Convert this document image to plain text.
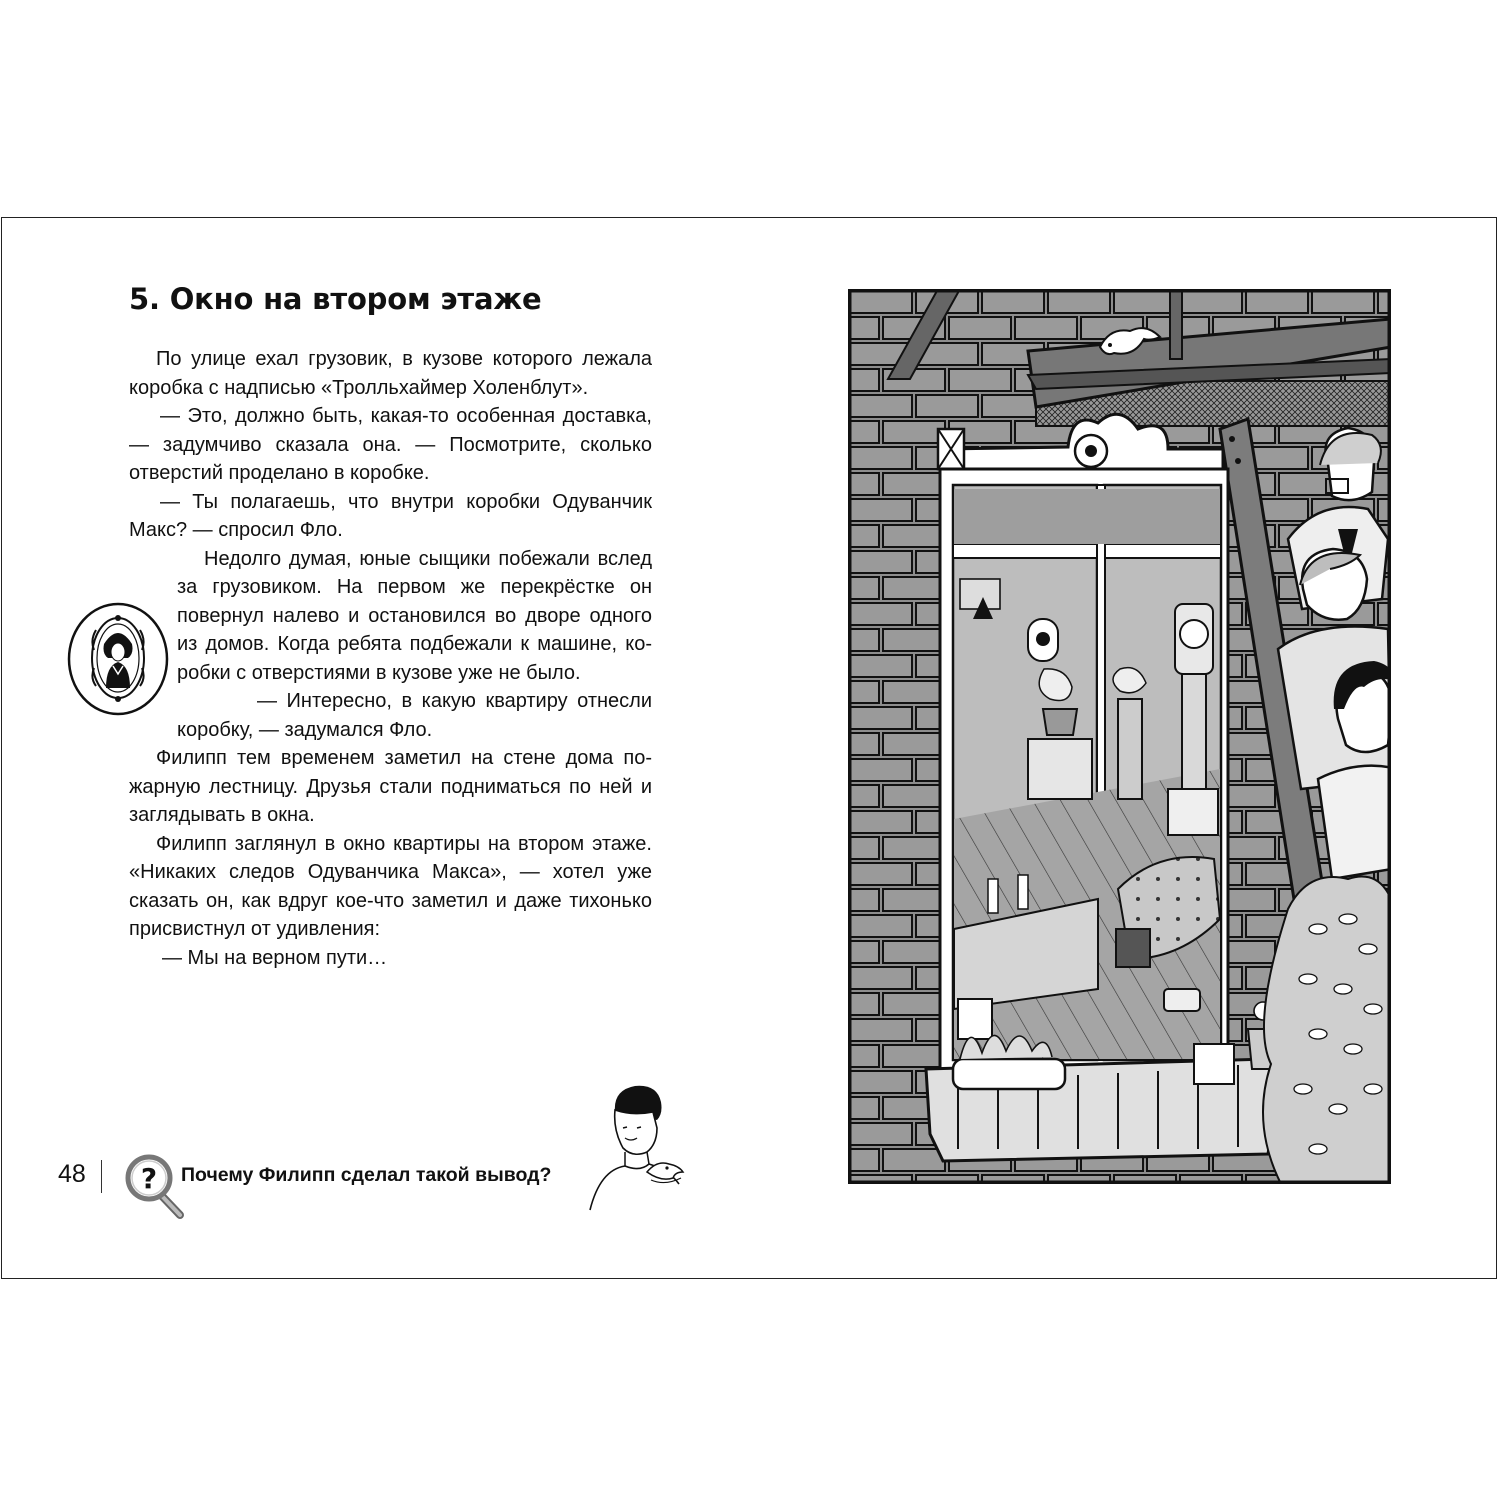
5. Окно на втором этаже

По улице ехал грузовик, в кузове которого лежала коробка с надписью «Тролльхаймер Холенблут».

— Это, должно быть, какая-то особенная доставка, — задумчиво сказала она. — Посмотрите, сколько отверстий проделано в коробке.

— Ты полагаешь, что внутри коробки Одуванчик Макс? — спросил Фло.

Недолго думая, юные сыщики побежали вслед за грузовиком. На первом же перекрёстке он повернул налево и остановился во дворе одного из домов. Когда ребята подбежали к машине, коробки с отверстиями в кузове уже не было.

— Интересно, в какую квартиру отнесли коробку, — задумался Фло.

Филипп тем временем заметил на стене дома пожарную лестницу. Друзья стали подниматься по ней и заглядывать в окна.

Филипп заглянул в окно квартиры на втором этаже. «Никаких следов Одуванчика Макса», — хотел уже сказать он, как вдруг кое-что заметил и даже тихонько присвистнул от удивления:

— Мы на верном пути…

48 ? Почему Филипп сделал такой вывод?
